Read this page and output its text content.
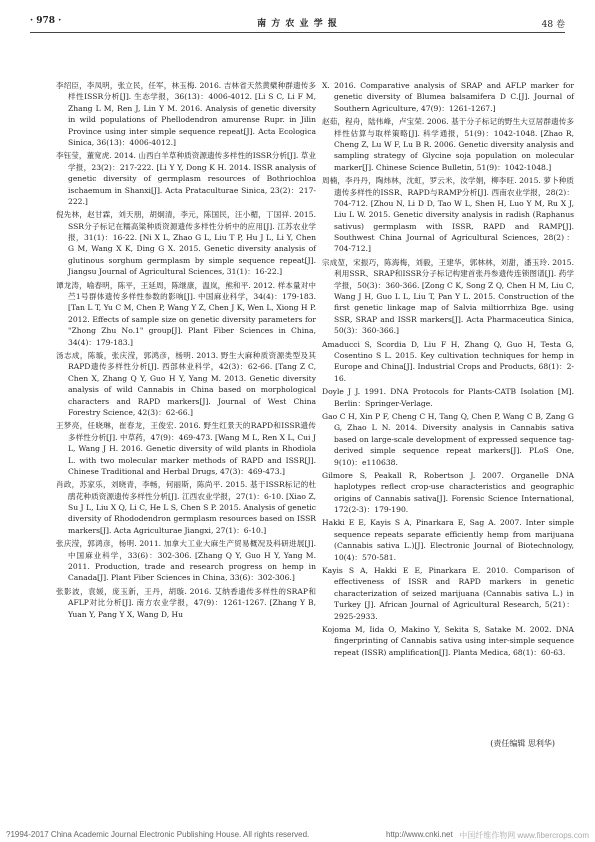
· 978 ·	南 方 农 业 学 报	48 卷

李绍臣，李凤明，张立民，任军，林玉梅. 2016. 吉林省天然黄檗种群遗传多样性ISSR分析[J]. 生态学报，36(13)：4006-4012. [Li S C, Li F M, Zhang L M, Ren J, Lin Y M. 2016. Analysis of genetic diversity in wild populations of Phellodendron amurense Rupr. in Jilin Province using inter simple sequence repeat[J]. Acta Ecologica Sinica, 36(13)：4006-4012.]

李钰莹，董宽虎. 2014. 山西白羊草种质资源遗传多样性的ISSR分析[J]. 草业学报，23(2)：217-222. [Li Y Y, Dong K H. 2014. ISSR analysis of genetic diversity of germplasm resources of Bothriochloa ischaemum in Shanxi[J]. Acta Prataculturae Sinica, 23(2)：217-222.]

倪先林，赵甘霖，刘天朋，胡炯清，李元，陈国民，汪小楣，丁国祥. 2015. SSR分子标记在糯高粱种质资源遗传多样性分析中的应用[J]. 江苏农业学报，31(1)：16-22. [Ni X L, Zhao G L, Liu T P, Hu J L, Li Y, Chen G M, Wang X K, Ding G X. 2015. Genetic diversity analysis of glutinous sorghum germplasm by simple sequence repeat[J]. Jiangsu Journal of Agricultural Sciences, 31(1)：16-22.]

谭龙涛，喻春明，陈平，王延周，陈继康，温岚，熊和平. 2012. 样本量对中苎1号群体遗传多样性参数的影响[J]. 中国麻业科学，34(4)：179-183. [Tan L T, Yu C M, Chen P, Wang Y Z, Chen J K, Wen L, Xiong H P. 2012. Effects of sample size on genetic diversity parameters for "Zhong Zhu No.1" group[J]. Plant Fiber Sciences in China, 34(4)：179-183.]

汤志成，陈璇，张庆滢，郭鸿彦，杨明. 2013. 野生大麻种质资源类型及其RAPD遗传多样性分析[J]. 西部林业科学，42(3)：62-66. [Tang Z C, Chen X, Zhang Q Y, Guo H Y, Yang M. 2013. Genetic diversity analysis of wild Cannabis in China based on morphological characters and RAPD markers[J]. Journal of West China Forestry Science, 42(3)：62-66.]

王梦亮，任晓琳，崔春龙，王俊宏. 2016. 野生红景天的RAPD和ISSR遗传多样性分析[J]. 中草药，47(9)：469-473. [Wang M L, Ren X L, Cui J L, Wang J H. 2016. Genetic diversity of wild plants in Rhodiola L. with two molecular marker methods of RAPD and ISSR[J]. Chinese Traditional and Herbal Drugs, 47(3)：469-473.]

肖政，苏家乐，刘晓青，李畅，何丽斯，陈尚平. 2015. 基于ISSR标记的杜鹃花种质资源遗传多样性分析[J]. 江西农业学报，27(1)：6-10. [Xiao Z, Su J L, Liu X Q, Li C, He L S, Chen S P. 2015. Analysis of genetic diversity of Rhododendron germplasm resources based on ISSR markers[J]. Acta Agriculturae Jiangxi, 27(1)：6-10.]

张庆滢，郭鸿彦，杨明. 2011. 加拿大工业大麻生产贸易概况及科研进展[J]. 中国麻业科学，33(6)：302-306. [Zhang Q Y, Guo H Y, Yang M. 2011. Production, trade and research progress on hemp in Canada[J]. Plant Fiber Sciences in China, 33(6)：302-306.]

张影波，袁媛，庞玉新，王丹，胡璇. 2016. 艾纳香遗传多样性的SRAP和AFLP对比分析[J]. 南方农业学报，47(9)：1261-1267. [Zhang Y B, Yuan Y, Pang Y X, Wang D, Hu

X. 2016. Comparative analysis of SRAP and AFLP marker for genetic diversity of Blumea balsamifera D C.[J]. Journal of Southern Agriculture, 47(9)：1261-1267.]

赵茹，程舟，陆伟峰，卢宝荣. 2006. 基于分子标记的野生大豆居群遗传多样性估算与取样策略[J]. 科学通报，51(9)：1042-1048. [Zhao R, Cheng Z, Lu W F, Lu B R. 2006. Genetic diversity analysis and sampling strategy of Glycine soja population on molecular marker[J]. Chinese Science Bulletin, 51(9)：1042-1048.]

周楠，李丹丹，陶炜林，沈虹，罗云米，汝学娟，柳李旺. 2015. 萝卜种质遗传多样性的ISSR、RAPD与RAMP分析[J]. 西南农业学报，28(2)：704-712. [Zhou N, Li D D, Tao W L, Shen H, Luo Y M, Ru X J, Liu L W. 2015. Genetic diversity analysis in radish (Raphanus sativus) germplasm with ISSR, RAPD and RAMP[J]. Southwest China Journal of Agricultural Sciences, 28(2)：704-712.]

宗成堃，宋振巧，陈海梅，刘毅，王建华，郭林林，刘甜，潘玉玲. 2015. 利用SSR、SRAP和ISSR分子标记构建首张丹参遗传连锁图谱[J]. 药学学报，50(3)：360-366. [Zong C K, Song Z Q, Chen H M, Liu C, Wang J H, Guo L L, Liu T, Pan Y L. 2015. Construction of the first genetic linkage map of Salvia miltiorrhiza Bge. using SSR, SRAP and ISSR markers[J]. Acta Pharmaceutica Sinica, 50(3)：360-366.]

Amaducci S, Scordia D, Liu F H, Zhang Q, Guo H, Testa G, Cosentino S L. 2015. Key cultivation techniques for hemp in Europe and China[J]. Industrial Crops and Products, 68(1)：2-16.

Doyle J J. 1991. DNA Protocols for Plants-CATB Isolation [M]. Berlin：Springer-Verlage.

Gao C H, Xin P F, Cheng C H, Tang Q, Chen P, Wang C B, Zang G G, Zhao L N. 2014. Diversity analysis in Cannabis sativa based on large-scale development of expressed sequence tag-derived simple sequence repeat markers[J]. PLoS One, 9(10)：e110638.

Gilmore S, Peakall R, Robertson J. 2007. Organelle DNA haplotypes reflect crop-use characteristics and geographic origins of Cannabis sativa[J]. Forensic Science International, 172(2-3)：179-190.

Hakki E E, Kayis S A, Pinarkara E, Sag A. 2007. Inter simple sequence repeats separate efficiently hemp from marijuana (Cannabis sativa L.)[J]. Electronic Journal of Biotechnology, 10(4)：570-581.

Kayis S A, Hakki E E, Pinarkara E. 2010. Comparison of effectiveness of ISSR and RAPD markers in genetic characterization of seized marijuana (Cannabis sativa L.) in Turkey [J]. African Journal of Agricultural Research, 5(21)：2925-2933.

Kojoma M, Iida O, Makino Y, Sekita S, Satake M. 2002. DNA fingerprinting of Cannabis sativa using inter-simple sequence repeat (ISSR) amplification[J]. Planta Medica, 68(1)：60-63.

(责任编辑 思利华)
?1994-2017 China Academic Journal Electronic Publishing House. All rights reserved.	http://www.cnki.net 中国纤维作物网 www.fibercrops.com
